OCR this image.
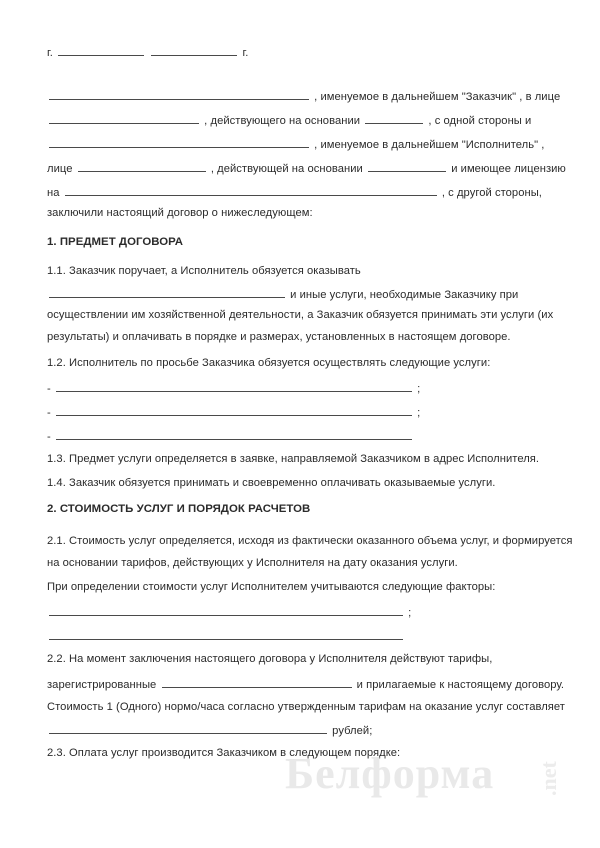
г.	г.
, именуемое в дальнейшем "Заказчик" , в лице
, действующего на основании	, с одной стороны и
, именуемое в дальнейшем "Исполнитель" ,
лице	, действующей на основании	и имеющее лицензию
на	, с другой стороны,
заключили настоящий договор о нижеследующем:
1. ПРЕДМЕТ ДОГОВОРА
1.1. Заказчик поручает, а Исполнитель обязуется оказывать
и иные услуги, необходимые Заказчику при
осуществлении им хозяйственной деятельности, а Заказчик обязуется принимать эти услуги (их
результаты) и оплачивать в порядке и размерах, установленных в настоящем договоре.
1.2. Исполнитель по просьбе Заказчика обязуется осуществлять следующие услуги:
-	;
-	;
-
1.3. Предмет услуги определяется в заявке, направляемой Заказчиком в адрес Исполнителя.
1.4. Заказчик обязуется принимать и своевременно оплачивать оказываемые услуги.
2. СТОИМОСТЬ УСЛУГ И ПОРЯДОК РАСЧЕТОВ
2.1. Стоимость услуг определяется, исходя из фактически оказанного объема услуг, и формируется
на основании тарифов, действующих у Исполнителя на дату оказания услуги.
При определении стоимости услуг Исполнителем учитываются следующие факторы:
;
2.2. На момент заключения настоящего договора у Исполнителя действуют тарифы,
зарегистрированные	и прилагаемые к настоящему договору.
Стоимость 1 (Одного) нормо/часа согласно утвержденным тарифам на оказание услуг составляет
рублей;
2.3. Оплата услуг производится Заказчиком в следующем порядке:
Белформа .net
